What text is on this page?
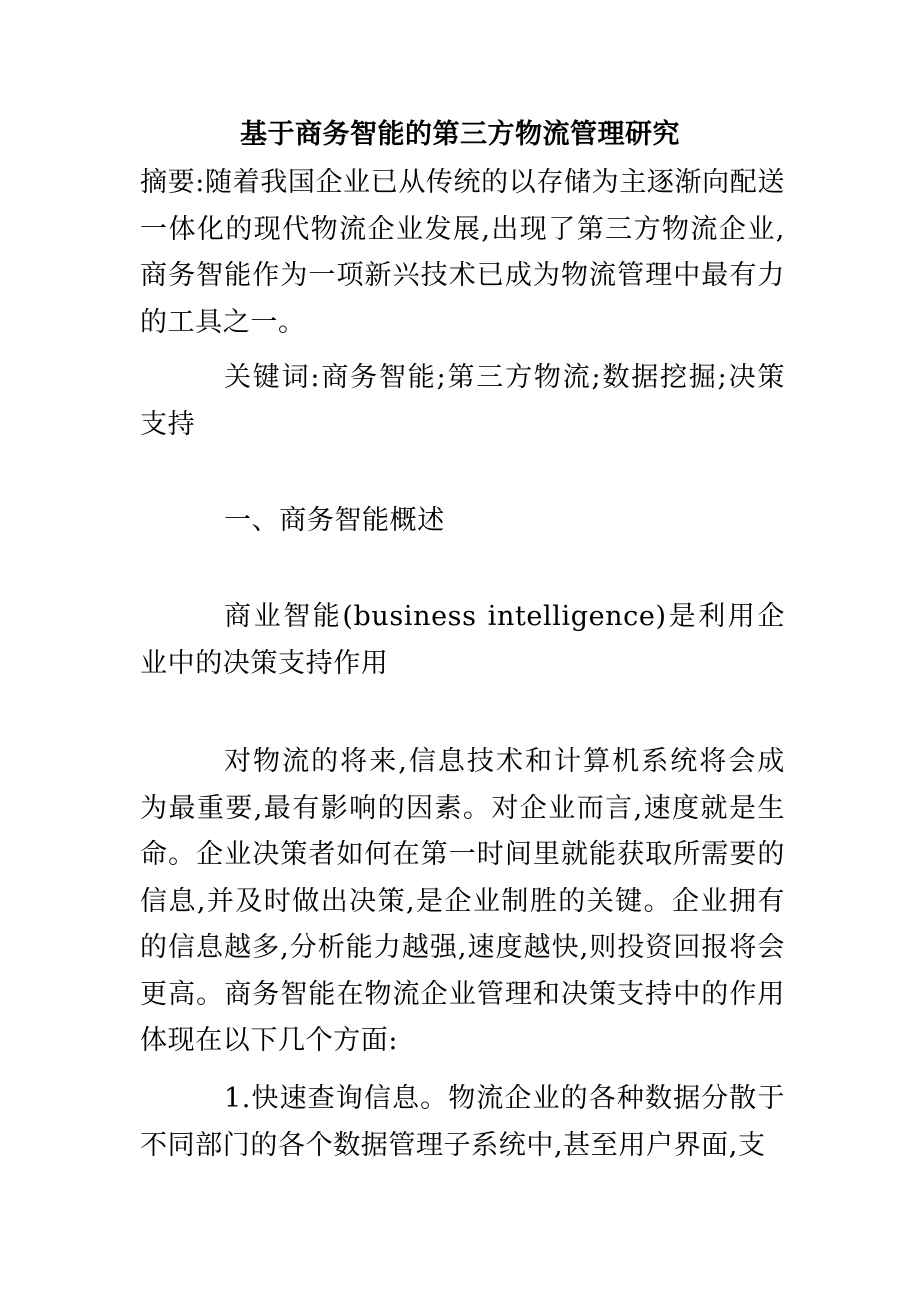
基于商务智能的第三方物流管理研究
摘要:随着我国企业已从传统的以存储为主逐渐向配送一体化的现代物流企业发展,出现了第三方物流企业,商务智能作为一项新兴技术已成为物流管理中最有力的工具之一。
关键词:商务智能;第三方物流;数据挖掘;决策支持
一、商务智能概述
商业智能(business intelligence)是利用企业中的决策支持作用
对物流的将来,信息技术和计算机系统将会成为最重要,最有影响的因素。对企业而言,速度就是生命。企业决策者如何在第一时间里就能获取所需要的信息,并及时做出决策,是企业制胜的关键。企业拥有的信息越多,分析能力越强,速度越快,则投资回报将会更高。商务智能在物流企业管理和决策支持中的作用体现在以下几个方面:
1.快速查询信息。物流企业的各种数据分散于不同部门的各个数据管理子系统中,甚至用户界面,支
